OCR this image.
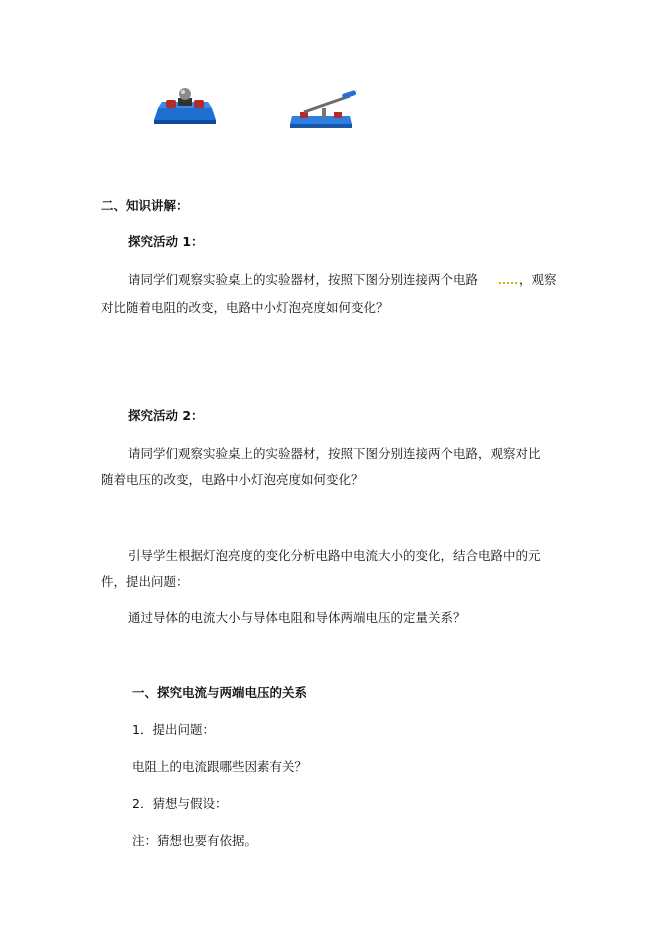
二、知识讲解：
探究活动 1：
请同学们观察实验桌上的实验器材，按照下图分别连接两个电路	，观察
对比随着电阻的改变，电路中小灯泡亮度如何变化？
探究活动 2：
请同学们观察实验桌上的实验器材，按照下图分别连接两个电路，观察对比
随着电压的改变，电路中小灯泡亮度如何变化？
引导学生根据灯泡亮度的变化分析电路中电流大小的变化，结合电路中的元
件，提出问题：
通过导体的电流大小与导体电阻和导体两端电压的定量关系？
一、探究电流与两端电压的关系
1．提出问题：
电阻上的电流跟哪些因素有关？
2．猜想与假设：
注：猜想也要有依据。
